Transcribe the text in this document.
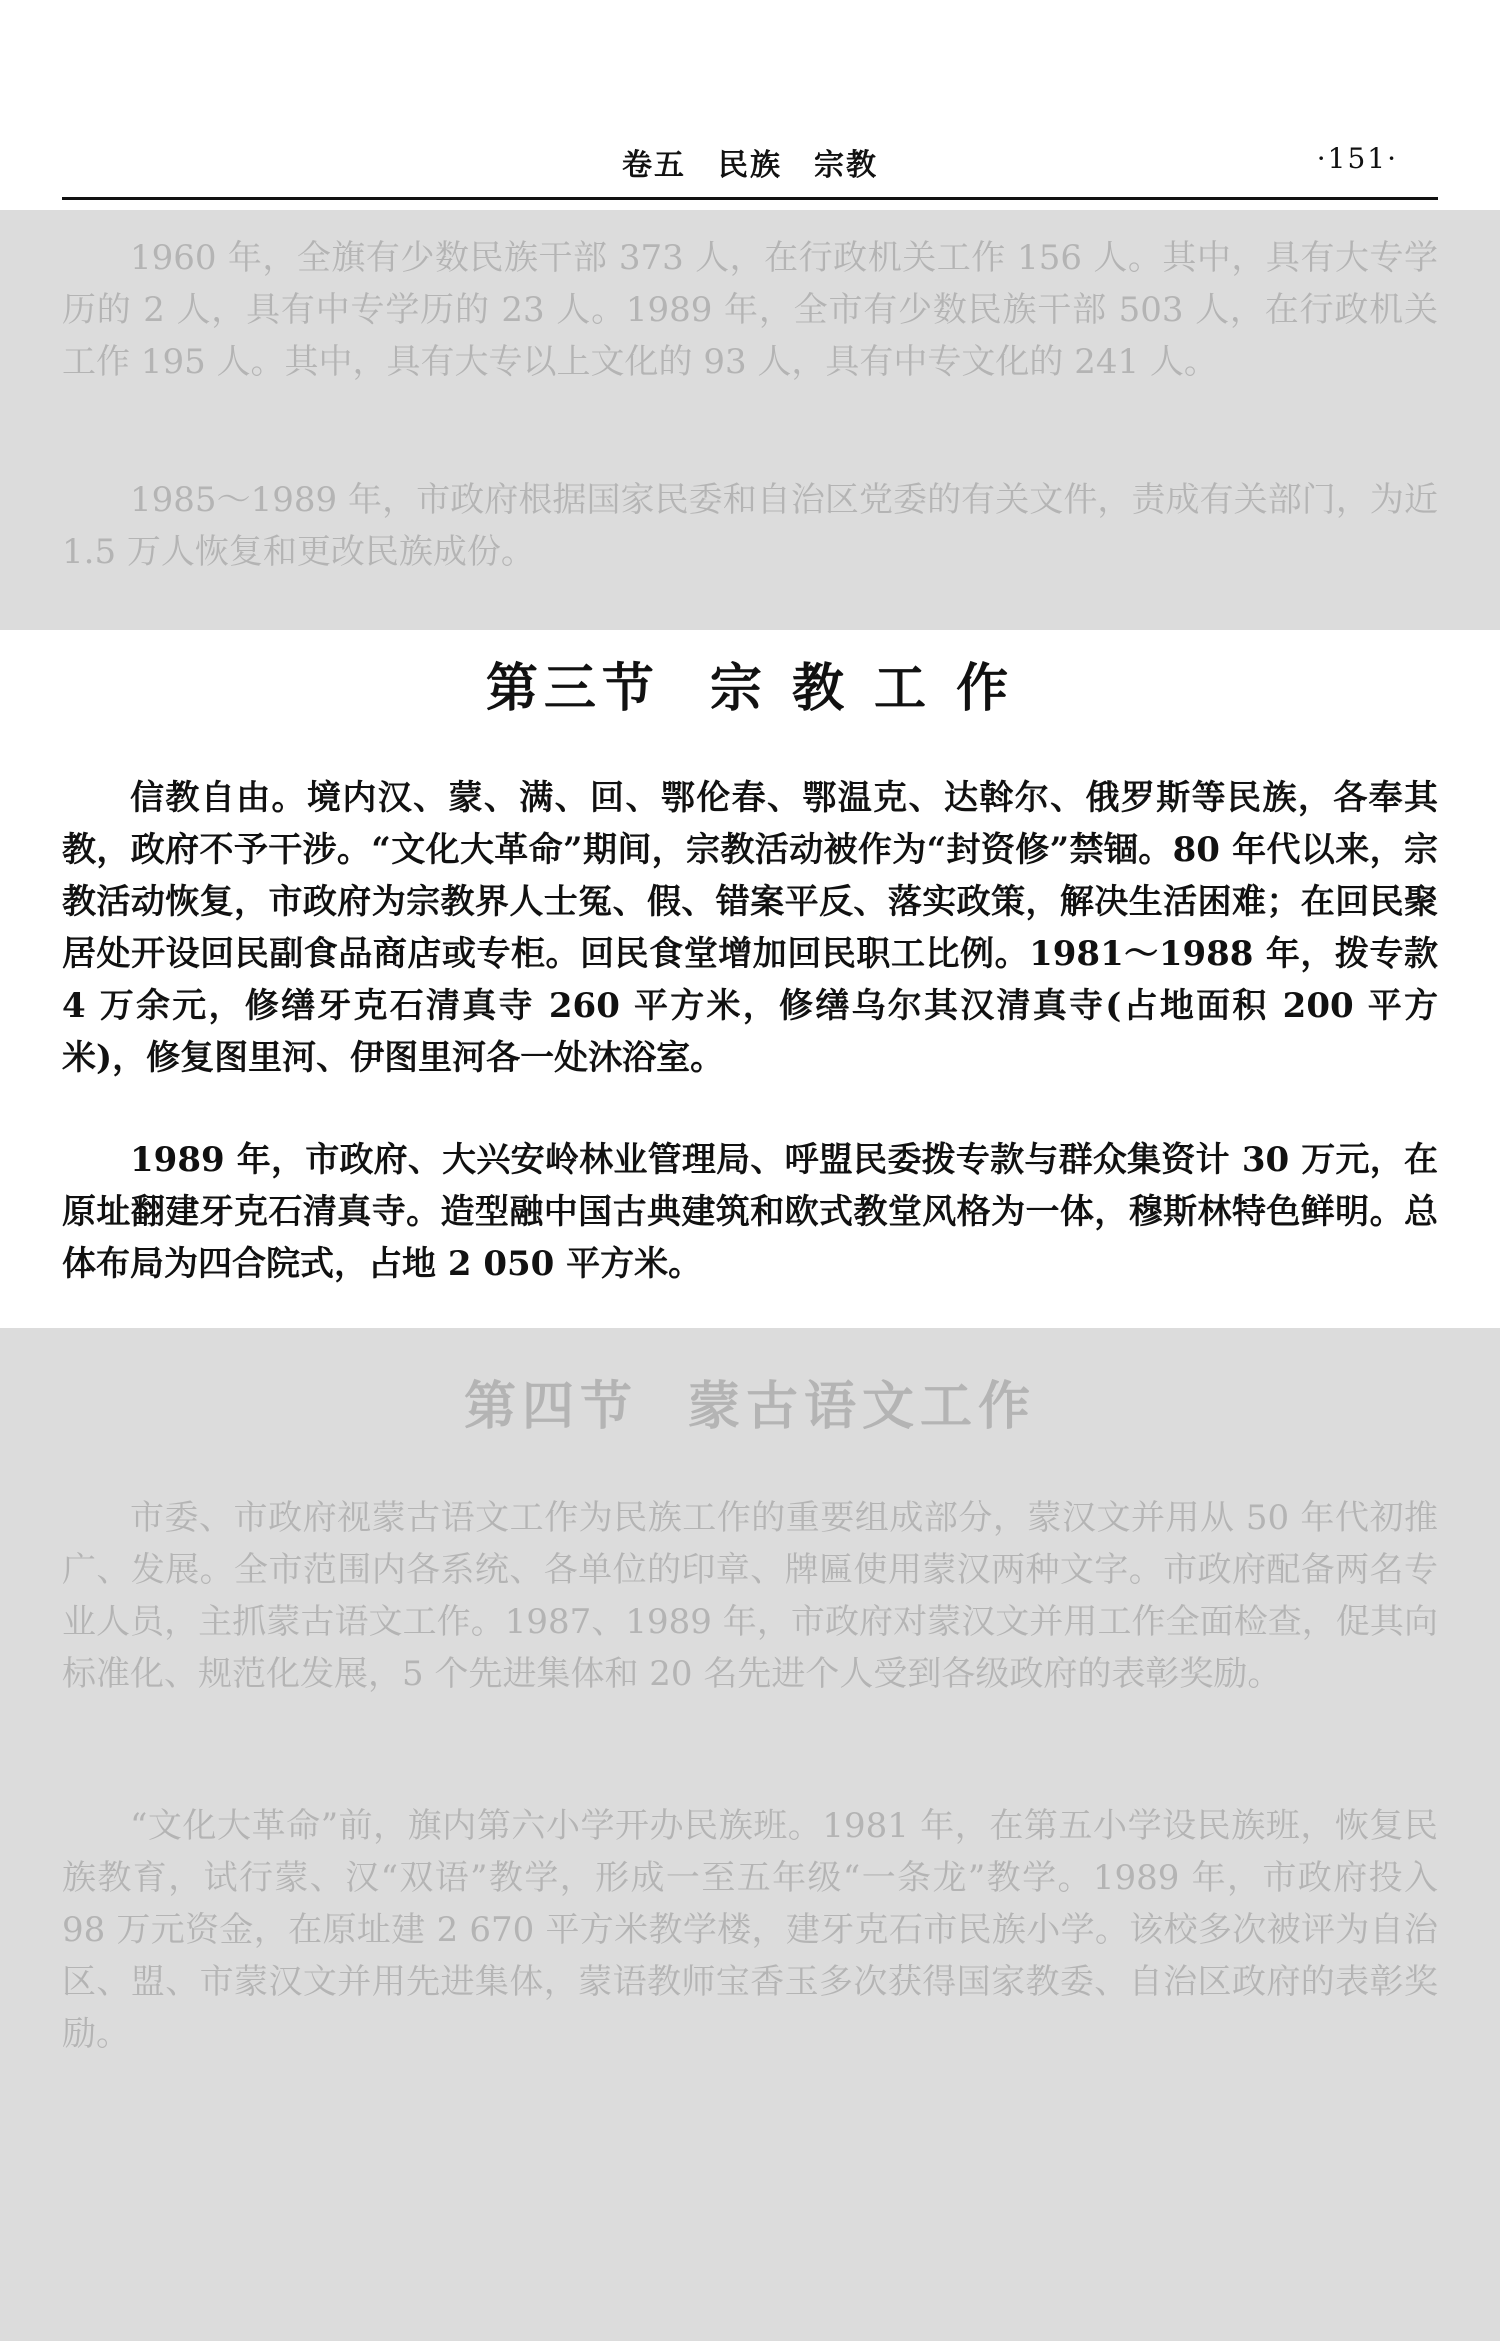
卷五　民族　宗教	·151·

1960 年，全旗有少数民族干部 373 人，在行政机关工作 156 人。其中，具有大专学历的 2 人，具有中专学历的 23 人。1989 年，全市有少数民族干部 503 人，在行政机关工作 195 人。其中，具有大专以上文化的 93 人，具有中专文化的 241 人。

1985～1989 年，市政府根据国家民委和自治区党委的有关文件，责成有关部门，为近 1.5 万人恢复和更改民族成份。

第三节 宗 教 工 作

信教自由。境内汉、蒙、满、回、鄂伦春、鄂温克、达斡尔、俄罗斯等民族，各奉其教，政府不予干涉。“文化大革命”期间，宗教活动被作为“封资修”禁锢。80 年代以来，宗教活动恢复，市政府为宗教界人士冤、假、错案平反、落实政策，解决生活困难；在回民聚居处开设回民副食品商店或专柜。回民食堂增加回民职工比例。1981～1988 年，拨专款 4 万余元，修缮牙克石清真寺 260 平方米，修缮乌尔其汉清真寺(占地面积 200 平方米)，修复图里河、伊图里河各一处沐浴室。

1989 年，市政府、大兴安岭林业管理局、呼盟民委拨专款与群众集资计 30 万元，在原址翻建牙克石清真寺。造型融中国古典建筑和欧式教堂风格为一体，穆斯林特色鲜明。总体布局为四合院式，占地 2 050 平方米。

第四节 蒙古语文工作

市委、市政府视蒙古语文工作为民族工作的重要组成部分，蒙汉文并用从 50 年代初推广、发展。全市范围内各系统、各单位的印章、牌匾使用蒙汉两种文字。市政府配备两名专业人员，主抓蒙古语文工作。1987、1989 年，市政府对蒙汉文并用工作全面检查，促其向标准化、规范化发展，5 个先进集体和 20 名先进个人受到各级政府的表彰奖励。

“文化大革命”前，旗内第六小学开办民族班。1981 年，在第五小学设民族班，恢复民族教育，试行蒙、汉“双语”教学，形成一至五年级“一条龙”教学。1989 年，市政府投入 98 万元资金，在原址建 2 670 平方米教学楼，建牙克石市民族小学。该校多次被评为自治区、盟、市蒙汉文并用先进集体，蒙语教师宝香玉多次获得国家教委、自治区政府的表彰奖励。
